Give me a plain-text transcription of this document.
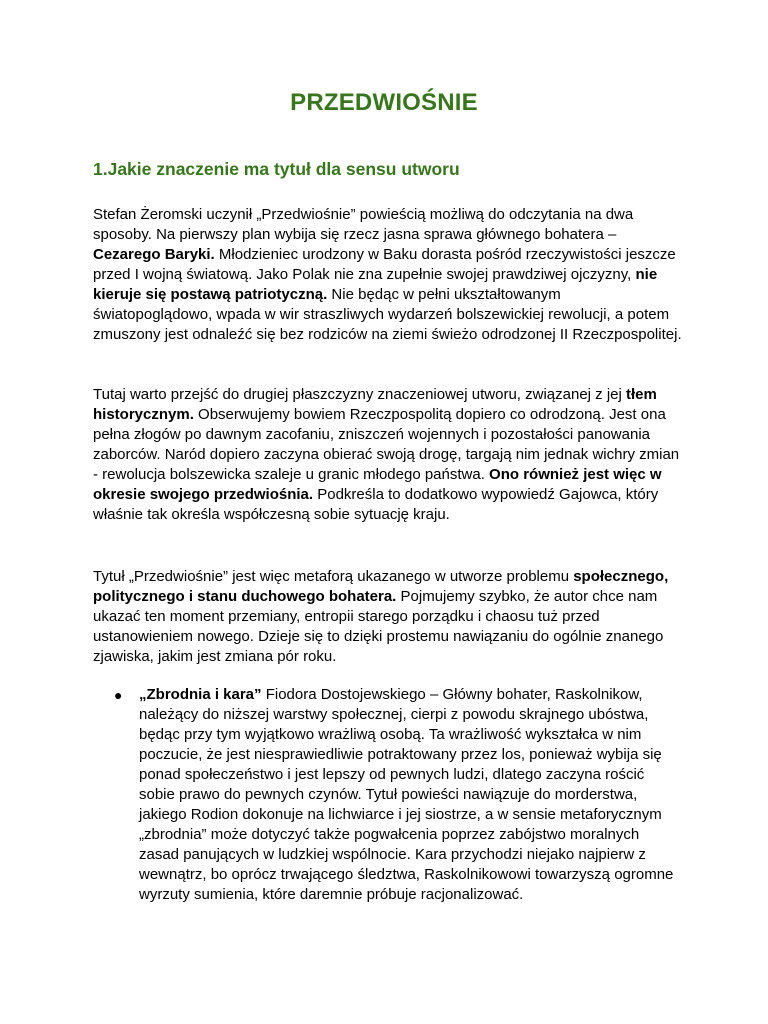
PRZEDWIOŚNIE
1.Jakie znaczenie ma tytuł dla sensu utworu

Stefan Żeromski uczynił „Przedwiośnie” powieścią możliwą do odczytania na dwa sposoby. Na pierwszy plan wybija się rzecz jasna sprawa głównego bohatera – Cezarego Baryki. Młodzieniec urodzony w Baku dorasta pośród rzeczywistości jeszcze przed I wojną światową. Jako Polak nie zna zupełnie swojej prawdziwej ojczyzny, nie kieruje się postawą patriotyczną. Nie będąc w pełni ukształtowanym światopoglądowo, wpada w wir straszliwych wydarzeń bolszewickiej rewolucji, a potem zmuszony jest odnaleźć się bez rodziców na ziemi świeżo odrodzonej II Rzeczpospolitej.

Tutaj warto przejść do drugiej płaszczyzny znaczeniowej utworu, związanej z jej tłem historycznym. Obserwujemy bowiem Rzeczpospolitą dopiero co odrodzoną. Jest ona pełna złogów po dawnym zacofaniu, zniszczeń wojennych i pozostałości panowania zaborców. Naród dopiero zaczyna obierać swoją drogę, targają nim jednak wichry zmian - rewolucja bolszewicka szaleje u granic młodego państwa. Ono również jest więc w okresie swojego przedwiośnia. Podkreśla to dodatkowo wypowiedź Gajowca, który właśnie tak określa współczesną sobie sytuację kraju.

Tytuł „Przedwiośnie” jest więc metaforą ukazanego w utworze problemu społecznego, politycznego i stanu duchowego bohatera. Pojmujemy szybko, że autor chce nam ukazać ten moment przemiany, entropii starego porządku i chaosu tuż przed ustanowieniem nowego. Dzieje się to dzięki prostemu nawiązaniu do ogólnie znanego zjawiska, jakim jest zmiana pór roku.

● „Zbrodnia i kara” Fiodora Dostojewskiego – Główny bohater, Raskolnikow, należący do niższej warstwy społecznej, cierpi z powodu skrajnego ubóstwa, będąc przy tym wyjątkowo wrażliwą osobą. Ta wrażliwość wykształca w nim poczucie, że jest niesprawiedliwie potraktowany przez los, ponieważ wybija się ponad społeczeństwo i jest lepszy od pewnych ludzi, dlatego zaczyna rościć sobie prawo do pewnych czynów. Tytuł powieści nawiązuje do morderstwa, jakiego Rodion dokonuje na lichwiarce i jej siostrze, a w sensie metaforycznym „zbrodnia” może dotyczyć także pogwałcenia poprzez zabójstwo moralnych zasad panujących w ludzkiej wspólnocie. Kara przychodzi niejako najpierw z wewnątrz, bo oprócz trwającego śledztwa, Raskolnikowowi towarzyszą ogromne wyrzuty sumienia, które daremnie próbuje racjonalizować.
